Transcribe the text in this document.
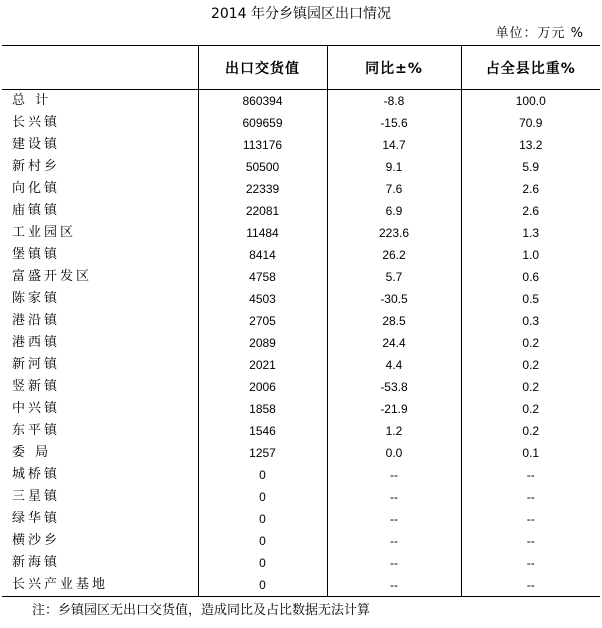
2014 年分乡镇园区出口情况
单位：万元 %
	出口交货值	同比±%	占全县比重%
总 计	860394	-8.8	100.0
长兴镇	609659	-15.6	70.9
建设镇	113176	14.7	13.2
新村乡	50500	9.1	5.9
向化镇	22339	7.6	2.6
庙镇镇	22081	6.9	2.6
工业园区	11484	223.6	1.3
堡镇镇	8414	26.2	1.0
富盛开发区	4758	5.7	0.6
陈家镇	4503	-30.5	0.5
港沿镇	2705	28.5	0.3
港西镇	2089	24.4	0.2
新河镇	2021	4.4	0.2
竖新镇	2006	-53.8	0.2
中兴镇	1858	-21.9	0.2
东平镇	1546	1.2	0.2
委 局	1257	0.0	0.1
城桥镇	0	--	--
三星镇	0	--	--
绿华镇	0	--	--
横沙乡	0	--	--
新海镇	0	--	--
长兴产业基地	0	--	--
注：乡镇园区无出口交货值，造成同比及占比数据无法计算
